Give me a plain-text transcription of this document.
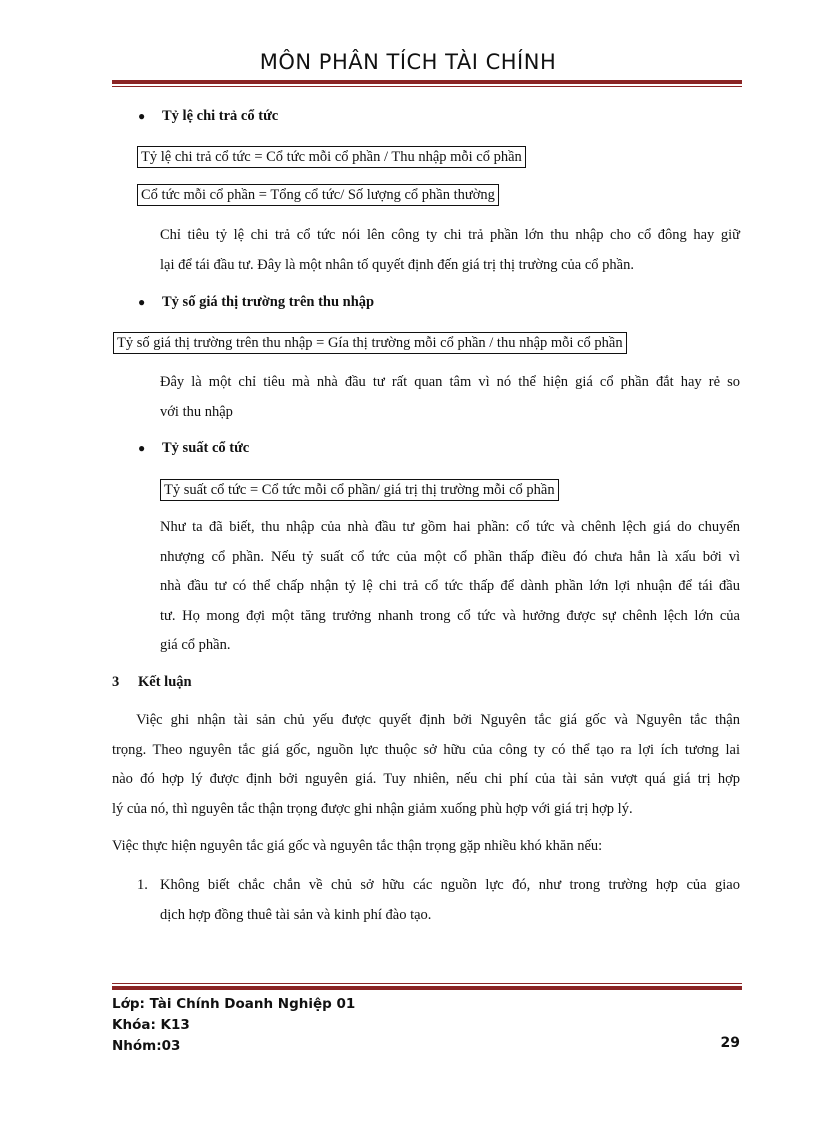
MÔN PHÂN TÍCH TÀI CHÍNH
● Tỷ lệ chi trả cổ tức
Tỷ lệ chi trả cổ tức = Cổ tức mỗi cổ phần / Thu nhập mỗi cổ phần
Cổ tức mỗi cổ phần = Tổng cổ tức/ Số lượng cổ phần thường
Chỉ tiêu tỷ lệ chi trả cổ tức nói lên công ty chi trả phần lớn thu nhập cho cổ đông hay giữ
lại để tái đầu tư. Đây là một nhân tố quyết định đến giá trị thị trường của cổ phần.
● Tỷ số giá thị trường trên thu nhập
Tỷ số giá thị trường trên thu nhập = Gía thị trường mỗi cổ phần / thu nhập mỗi cổ phần
Đây là một chỉ tiêu mà nhà đầu tư rất quan tâm vì nó thể hiện giá cổ phần đắt hay rẻ so
với thu nhập
● Tỷ suất cổ tức
Tỷ suất cổ tức = Cổ tức mỗi cổ phần/ giá trị thị trường mỗi cổ phần
Như ta đã biết, thu nhập của nhà đầu tư gồm hai phần: cổ tức và chênh lệch giá do chuyển
nhượng cổ phần. Nếu tỷ suất cổ tức của một cổ phần thấp điều đó chưa hẳn là xấu bởi vì
nhà đầu tư có thể chấp nhận tỷ lệ chi trả cổ tức thấp để dành phần lớn lợi nhuận để tái đầu
tư. Họ mong đợi một tăng trưởng nhanh trong cổ tức và hưởng được sự chênh lệch lớn của
giá cổ phần.
3 Kết luận
Việc ghi nhận tài sản chủ yếu được quyết định bởi Nguyên tắc giá gốc và Nguyên tắc thận
trọng. Theo nguyên tắc giá gốc, nguồn lực thuộc sở hữu của công ty có thể tạo ra lợi ích tương lai
nào đó hợp lý được định bởi nguyên giá. Tuy nhiên, nếu chi phí của tài sản vượt quá giá trị hợp
lý của nó, thì nguyên tắc thận trọng được ghi nhận giảm xuống phù hợp với giá trị hợp lý.
Việc thực hiện nguyên tắc giá gốc và nguyên tắc thận trọng gặp nhiều khó khăn nếu:
1. Không biết chắc chắn về chủ sở hữu các nguồn lực đó, như trong trường hợp của giao
dịch hợp đồng thuê tài sản và kinh phí đào tạo.
Lớp: Tài Chính Doanh Nghiệp 01
Khóa: K13
Nhóm:03	29
